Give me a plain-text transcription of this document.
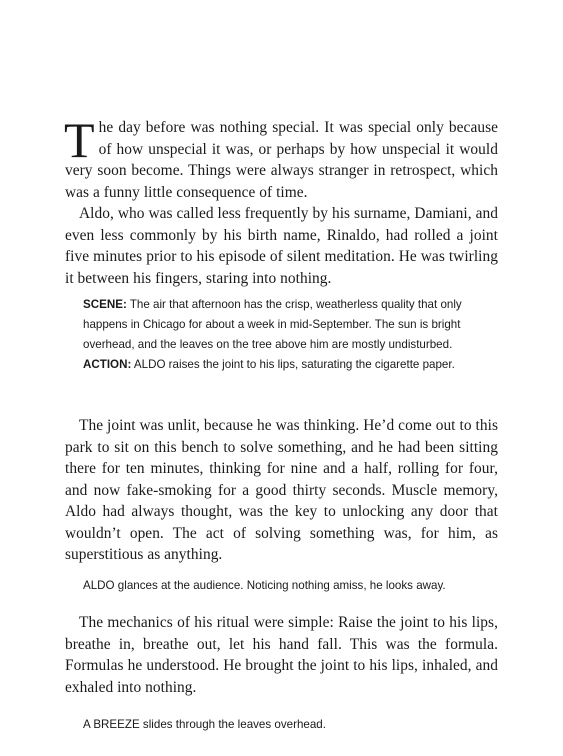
The day before was nothing special. It was special only because of how unspecial it was, or perhaps by how unspecial it would very soon become. Things were always stranger in retrospect, which was a funny little consequence of time.

Aldo, who was called less frequently by his surname, Damiani, and even less commonly by his birth name, Rinaldo, had rolled a joint five minutes prior to his episode of silent meditation. He was twirling it between his fingers, staring into nothing.

SCENE: The air that afternoon has the crisp, weatherless quality that only happens in Chicago for about a week in mid-September. The sun is bright overhead, and the leaves on the tree above him are mostly undisturbed.

ACTION: ALDO raises the joint to his lips, saturating the cigarette paper.

The joint was unlit, because he was thinking. He’d come out to this park to sit on this bench to solve something, and he had been sitting there for ten minutes, thinking for nine and a half, rolling for four, and now fake-smoking for a good thirty seconds. Muscle memory, Aldo had always thought, was the key to unlocking any door that wouldn’t open. The act of solving something was, for him, as superstitious as anything.

ALDO glances at the audience. Noticing nothing amiss, he looks away.

The mechanics of his ritual were simple: Raise the joint to his lips, breathe in, breathe out, let his hand fall. This was the formula. Formulas he understood. He brought the joint to his lips, inhaled, and exhaled into nothing.

A BREEZE slides through the leaves overhead.
